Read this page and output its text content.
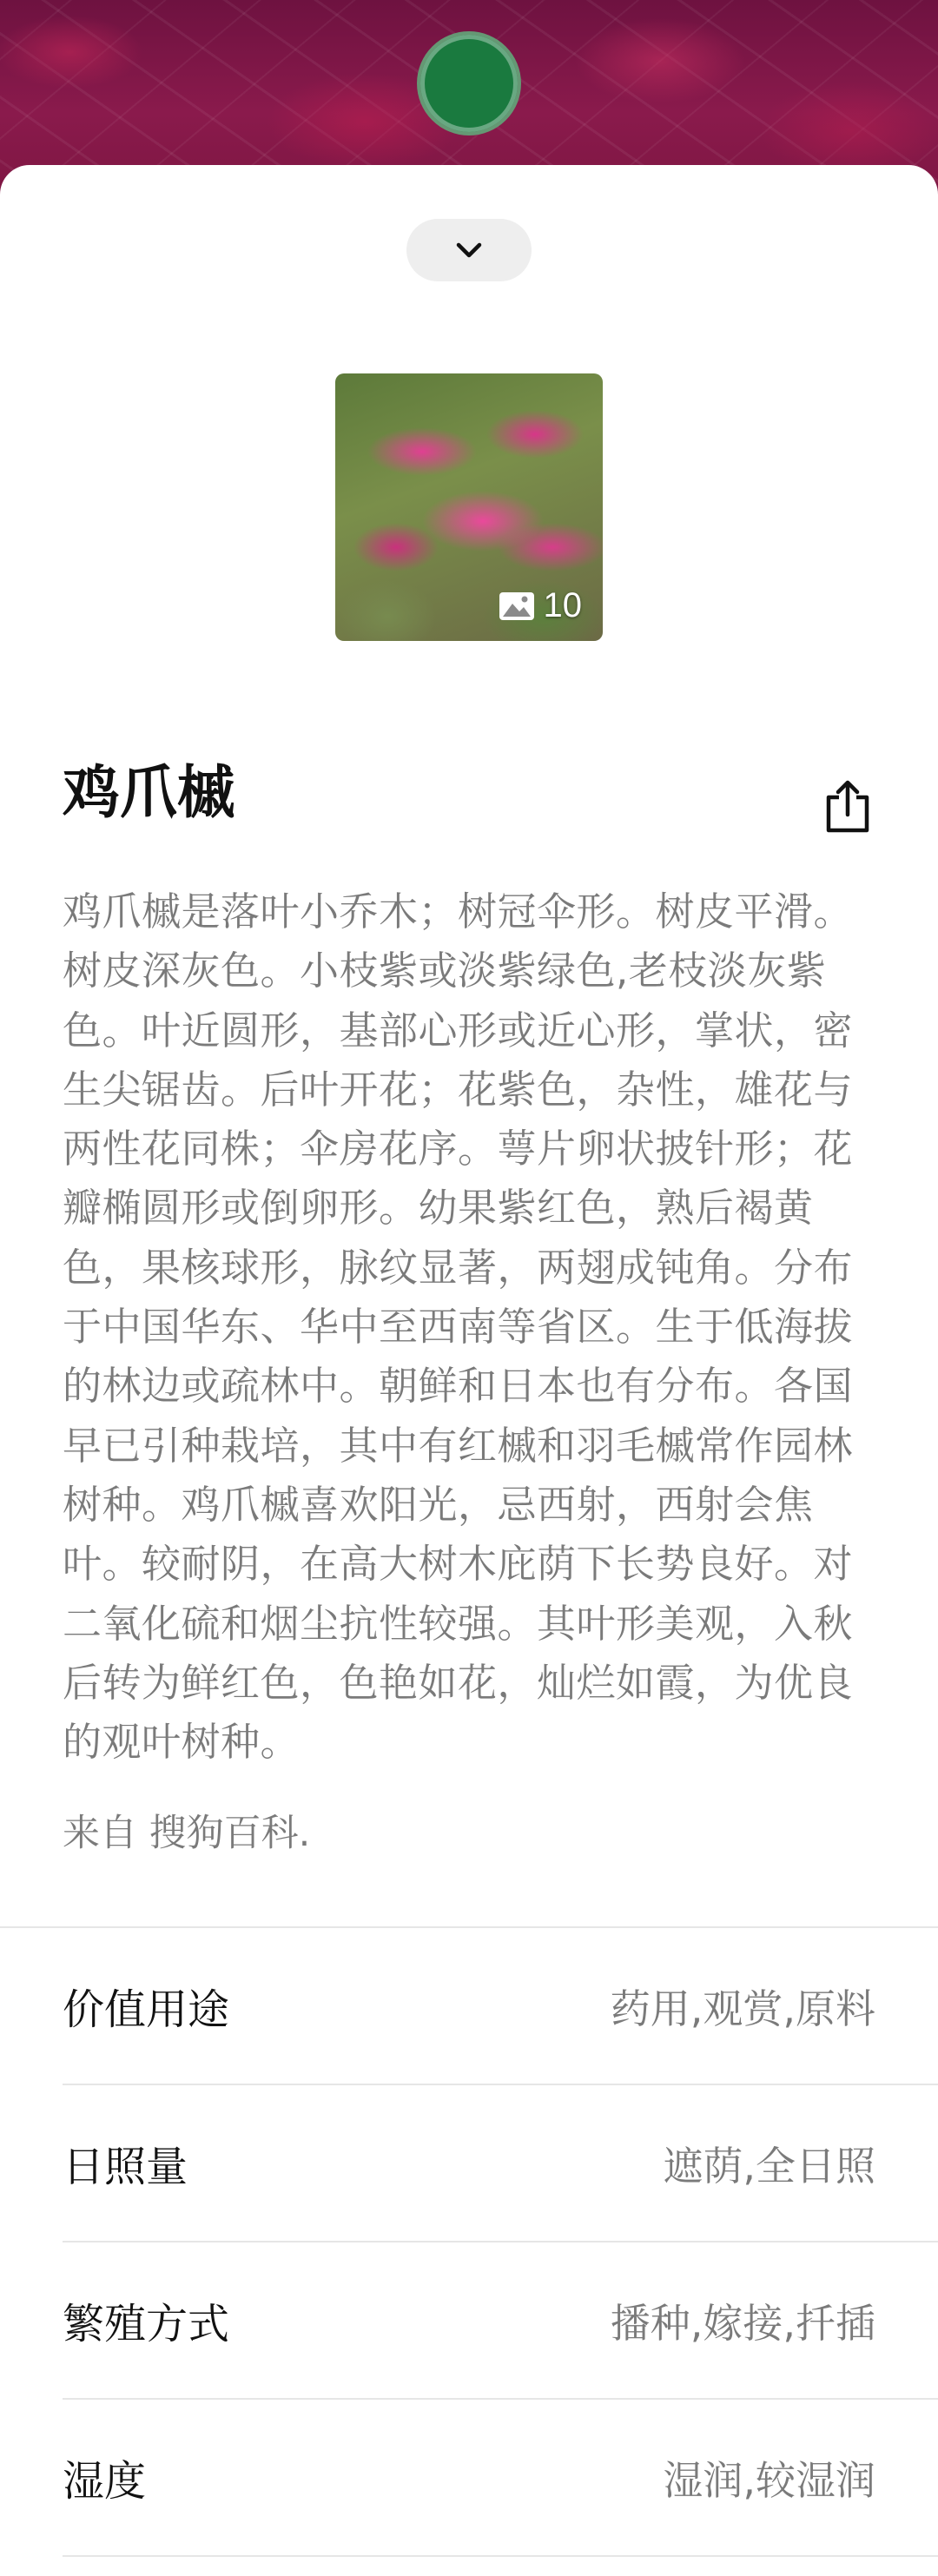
10
鸡爪槭

鸡爪槭是落叶小乔木；树冠伞形。树皮平滑。树皮深灰色。小枝紫或淡紫绿色,老枝淡灰紫色。叶近圆形，基部心形或近心形，掌状，密生尖锯齿。后叶开花；花紫色，杂性，雄花与两性花同株；伞房花序。萼片卵状披针形；花瓣椭圆形或倒卵形。幼果紫红色，熟后褐黄色，果核球形，脉纹显著，两翅成钝角。分布于中国华东、华中至西南等省区。生于低海拔的林边或疏林中。朝鲜和日本也有分布。各国早已引种栽培，其中有红槭和羽毛槭常作园林树种。鸡爪槭喜欢阳光，忌西射，西射会焦叶。较耐阴，在高大树木庇荫下长势良好。对二氧化硫和烟尘抗性较强。其叶形美观，入秋后转为鲜红色，色艳如花，灿烂如霞，为优良的观叶树种。

来自 搜狗百科.
价值用途	药用,观赏,原料
日照量	遮荫,全日照
繁殖方式	播种,嫁接,扦插
湿度	湿润,较湿润
